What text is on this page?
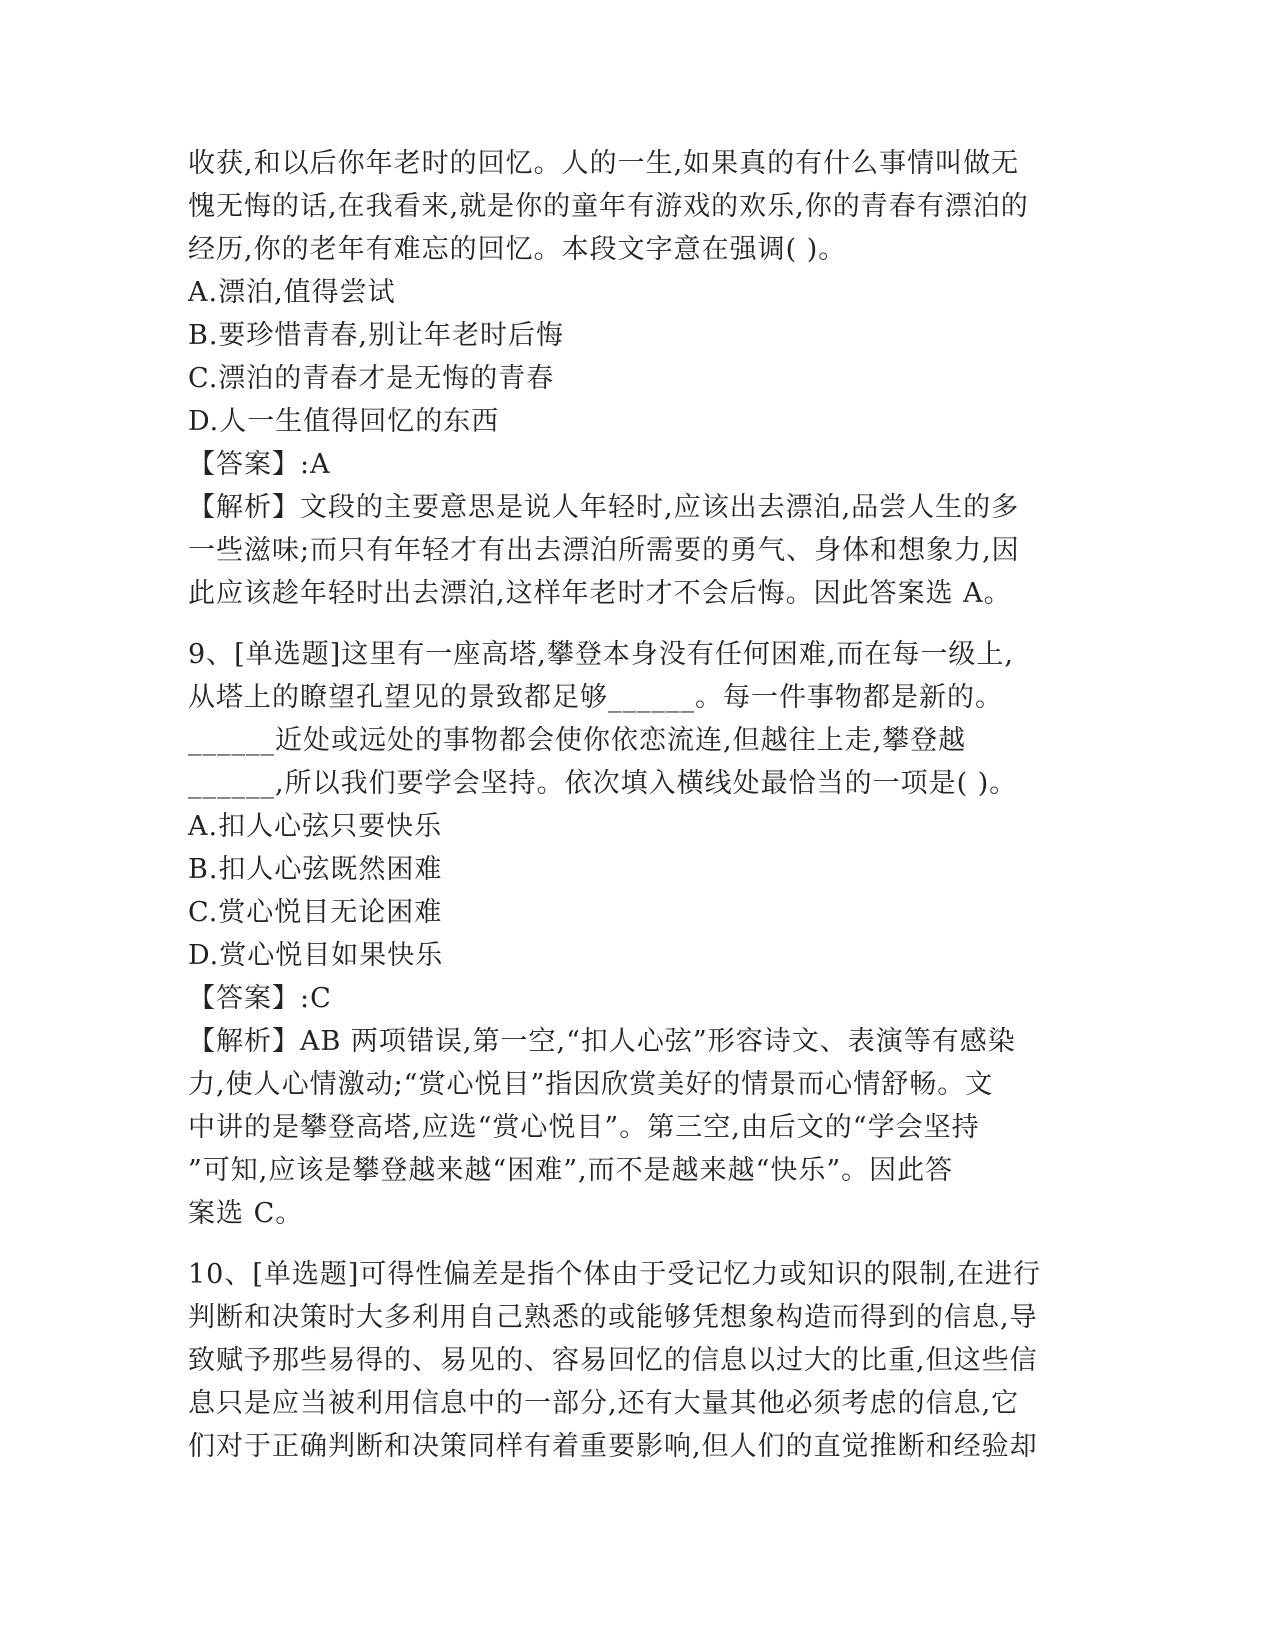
收获,和以后你年老时的回忆。人的一生,如果真的有什么事情叫做无
愧无悔的话,在我看来,就是你的童年有游戏的欢乐,你的青春有漂泊的
经历,你的老年有难忘的回忆。本段文字意在强调( )。
A.漂泊,值得尝试
B.要珍惜青春,别让年老时后悔
C.漂泊的青春才是无悔的青春
D.人一生值得回忆的东西
【答案】:A
【解析】文段的主要意思是说人年轻时,应该出去漂泊,品尝人生的多
一些滋味;而只有年轻才有出去漂泊所需要的勇气、身体和想象力,因
此应该趁年轻时出去漂泊,这样年老时才不会后悔。因此答案选 A。
9、[单选题]这里有一座高塔,攀登本身没有任何困难,而在每一级上,
从塔上的瞭望孔望见的景致都足够______。每一件事物都是新的。
______近处或远处的事物都会使你依恋流连,但越往上走,攀登越
______,所以我们要学会坚持。依次填入横线处最恰当的一项是( )。
A.扣人心弦只要快乐
B.扣人心弦既然困难
C.赏心悦目无论困难
D.赏心悦目如果快乐
【答案】:C
【解析】AB 两项错误,第一空,“扣人心弦”形容诗文、表演等有感染
力,使人心情激动;“赏心悦目”指因欣赏美好的情景而心情舒畅。文
中讲的是攀登高塔,应选“赏心悦目”。第三空,由后文的“学会坚持
”可知,应该是攀登越来越“困难”,而不是越来越“快乐”。因此答
案选 C。
10、[单选题]可得性偏差是指个体由于受记忆力或知识的限制,在进行
判断和决策时大多利用自己熟悉的或能够凭想象构造而得到的信息,导
致赋予那些易得的、易见的、容易回忆的信息以过大的比重,但这些信
息只是应当被利用信息中的一部分,还有大量其他必须考虑的信息,它
们对于正确判断和决策同样有着重要影响,但人们的直觉推断和经验却
